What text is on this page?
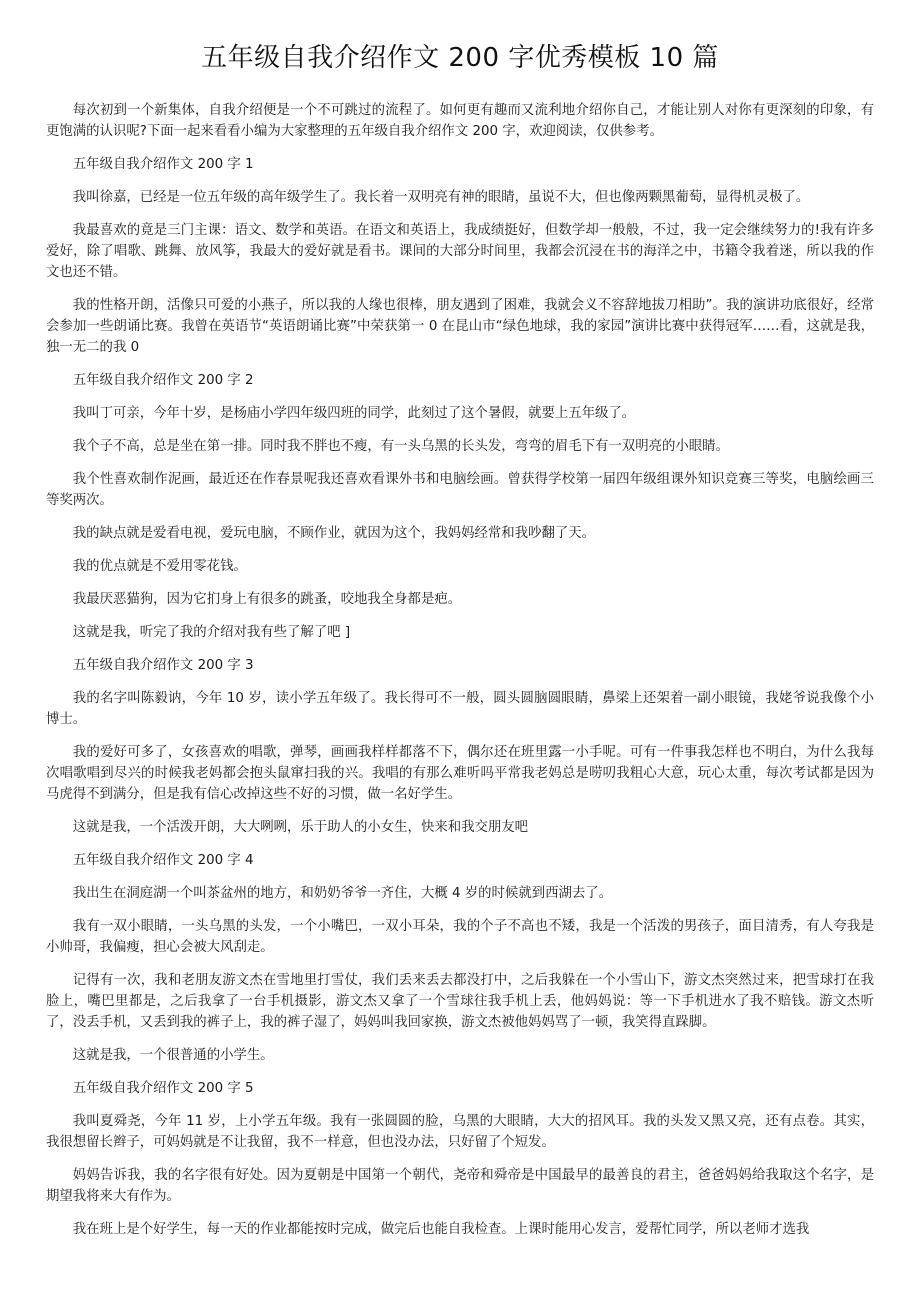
五年级自我介绍作文 200 字优秀模板 10 篇

每次初到一个新集体，自我介绍便是一个不可跳过的流程了。如何更有趣而又流利地介绍你自己，才能让别人对你有更深刻的印象，有更饱满的认识呢?下面一起来看看小编为大家整理的五年级自我介绍作文 200 字，欢迎阅读，仅供参考。

五年级自我介绍作文 200 字 1

我叫徐嘉，已经是一位五年级的高年级学生了。我长着一双明亮有神的眼睛，虽说不大，但也像两颗黑葡萄，显得机灵极了。

我最喜欢的竟是三门主课：语文、数学和英语。在语文和英语上，我成绩挺好，但数学却一般般，不过，我一定会继续努力的!我有许多爱好，除了唱歌、跳舞、放风筝，我最大的爱好就是看书。课间的大部分时间里，我都会沉浸在书的海洋之中，书籍令我着迷，所以我的作文也还不错。

我的性格开朗，活像只可爱的小燕子，所以我的人缘也很棒，朋友遇到了困难，我就会义不容辞地拔刀相助”。我的演讲功底很好，经常会参加一些朗诵比赛。我曾在英语节“英语朗诵比赛”中荣获第一 0 在昆山市“绿色地球，我的家园”演讲比赛中获得冠军……看，这就是我，独一无二的我 0

五年级自我介绍作文 200 字 2

我叫丁可亲，今年十岁，是杨庙小学四年级四班的同学，此刻过了这个暑假，就要上五年级了。

我个子不高，总是坐在第一排。同时我不胖也不瘦，有一头乌黑的长头发，弯弯的眉毛下有一双明亮的小眼睛。

我个性喜欢制作泥画，最近还在作春景呢我还喜欢看课外书和电脑绘画。曾获得学校第一届四年级组课外知识竞赛三等奖，电脑绘画三等奖两次。

我的缺点就是爱看电视，爱玩电脑，不顾作业，就因为这个，我妈妈经常和我吵翻了天。

我的优点就是不爱用零花钱。

我最厌恶猫狗，因为它扪身上有很多的跳蚤，咬地我全身都是疤。

这就是我，听完了我的介绍对我有些了解了吧 ]

五年级自我介绍作文 200 字 3

我的名字叫陈毅讷，今年 10 岁，读小学五年级了。我长得可不一般，圆头圆脑圆眼睛，鼻梁上还架着一副小眼镜，我姥爷说我像个小博士。

我的爱好可多了，女孩喜欢的唱歌，弹琴，画画我样样都落不下，偶尔还在班里露一小手呢。可有一件事我怎样也不明白，为什么我每次唱歌唱到尽兴的时候我老妈都会抱头鼠窜扫我的兴。我唱的有那么难听吗平常我老妈总是唠叨我粗心大意，玩心太重，每次考试都是因为马虎得不到满分，但是我有信心改掉这些不好的习惯，做一名好学生。

这就是我，一个活泼开朗，大大咧咧，乐于助人的小女生，快来和我交朋友吧

五年级自我介绍作文 200 字 4

我出生在洞庭湖一个叫茶盆州的地方，和奶奶爷爷一齐住，大概 4 岁的时候就到西湖去了。

我有一双小眼睛，一头乌黑的头发，一个小嘴巴，一双小耳朵，我的个子不高也不矮，我是一个活泼的男孩子，面目清秀，有人夸我是小帅哥，我偏瘦，担心会被大风刮走。

记得有一次，我和老朋友游文杰在雪地里打雪仗，我们丢来丢去都没打中，之后我躲在一个小雪山下，游文杰突然过来，把雪球打在我脸上，嘴巴里都是，之后我拿了一台手机摄影，游文杰又拿了一个雪球往我手机上丢，他妈妈说：等一下手机进水了我不赔钱。游文杰听了，没丢手机，又丢到我的裤子上，我的裤子湿了，妈妈叫我回家换，游文杰被他妈妈骂了一顿，我笑得直跺脚。

这就是我，一个很普通的小学生。

五年级自我介绍作文 200 字 5

我叫夏舜尧，今年 11 岁，上小学五年级。我有一张圆圆的脸，乌黑的大眼睛，大大的招风耳。我的头发又黑又亮，还有点卷。其实，我很想留长辫子，可妈妈就是不让我留，我不一样意，但也没办法，只好留了个短发。

妈妈告诉我，我的名字很有好处。因为夏朝是中国第一个朝代，尧帝和舜帝是中国最早的最善良的君主，爸爸妈妈给我取这个名字，是期望我将来大有作为。

我在班上是个好学生，每一天的作业都能按时完成，做完后也能自我检查。上课时能用心发言，爱帮忙同学，所以老师才选我
